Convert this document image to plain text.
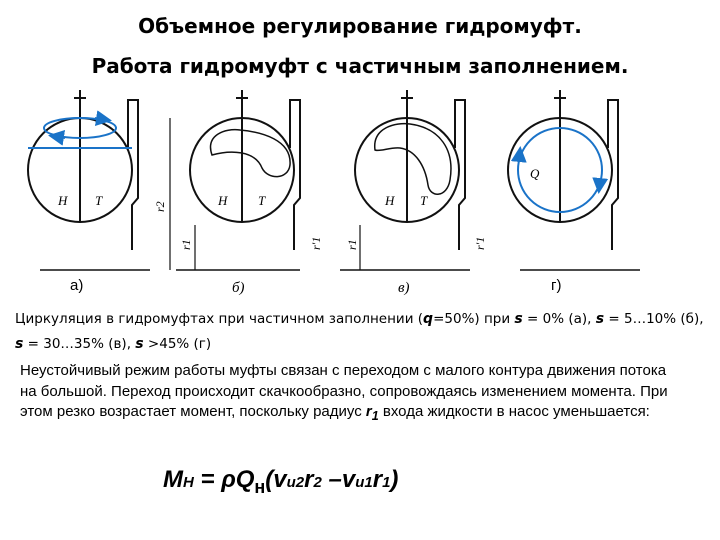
Объемное регулирование гидромуфт.
Работа гидромуфт с частичным заполнением.
Н Т	Н Т
r2
r1	r'1
Н Т
r1	r'1
Q
а)	б)	в)	г)
Циркуляция в гидромуфтах при частичном заполнении (q=50%) при s = 0% (а), s = 5…10% (б), s = 30…35% (в), s >45% (г)
Неустойчивый режим работы муфты связан с переходом с малого контура движения потока на большой. Переход происходит скачкообразно, сопровождаясь изменением момента. При этом резко возрастает момент, поскольку радиус $r_1$ входа жидкости в насос уменьшается:
MH = $\rho Q_н(vu2r2$ –vu1r1)
